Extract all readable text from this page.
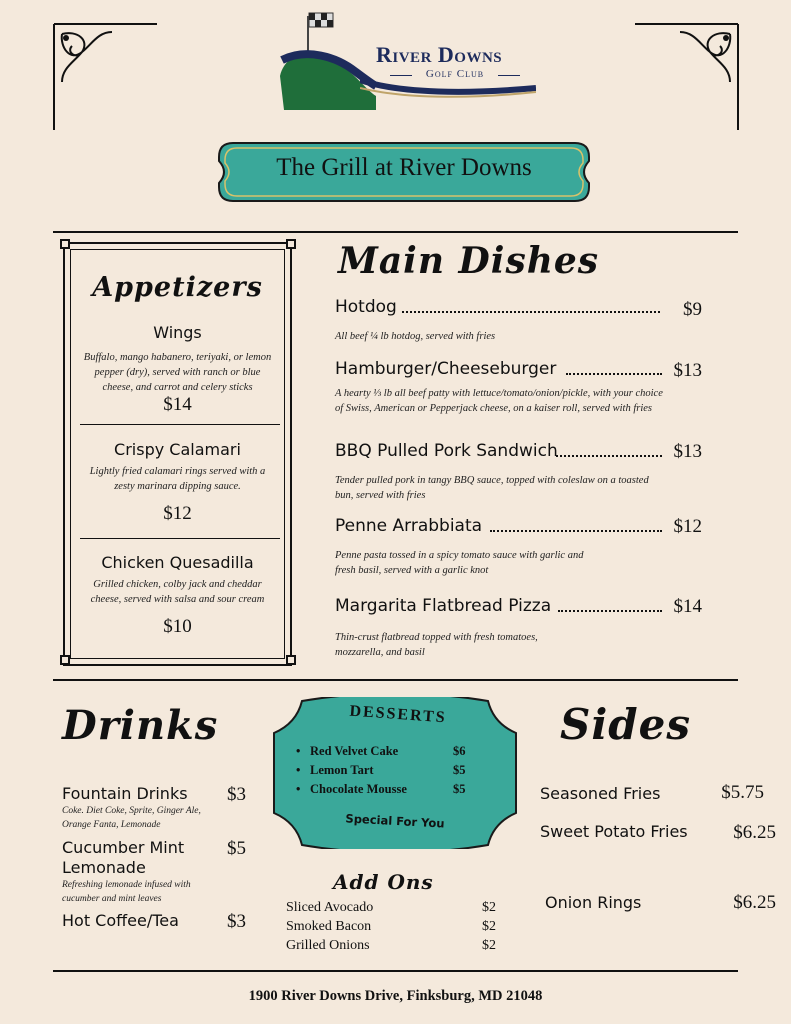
River Downs
Golf Club
The Grill at River Downs
Appetizers
Wings
Buffalo, mango habanero, teriyaki, or lemon pepper (dry), served with ranch or blue cheese, and carrot and celery sticks
$14
Crispy Calamari
Lightly fried calamari rings served with a zesty marinara dipping sauce.
$12
Chicken Quesadilla
Grilled chicken, colby jack and cheddar cheese, served with salsa and sour cream
$10
Main Dishes
Hotdog	$9
All beef ¼ lb hotdog, served with fries
Hamburger/Cheeseburger	$13
A hearty ⅓ lb all beef patty with lettuce/tomato/onion/pickle, with your choice of Swiss, American or Pepperjack cheese, on a kaiser roll, served with fries
BBQ Pulled Pork Sandwich	$13
Tender pulled pork in tangy BBQ sauce, topped with coleslaw on a toasted bun, served with fries
Penne Arrabbiata	$12
Penne pasta tossed in a spicy tomato sauce with garlic and fresh basil, served with a garlic knot
Margarita Flatbread Pizza	$14
Thin-crust flatbread topped with fresh tomatoes, mozzarella, and basil
Drinks
Fountain Drinks	$3
Coke. Diet Coke, Sprite, Ginger Ale, Orange Fanta, Lemonade
Cucumber Mint Lemonade
$5
Refreshing lemonade infused with cucumber and mint leaves
Hot Coffee/Tea	$3
DESSERTS
Special For You
• Red Velvet Cake	$6
• Lemon Tart	$5
• Chocolate Mousse	$5
Add Ons
Sliced Avocado	$2
Smoked Bacon	$2
Grilled Onions	$2
Sides
Seasoned Fries	$5.75
Sweet Potato Fries	$6.25
Onion Rings	$6.25
1900 River Downs Drive, Finksburg, MD 21048
